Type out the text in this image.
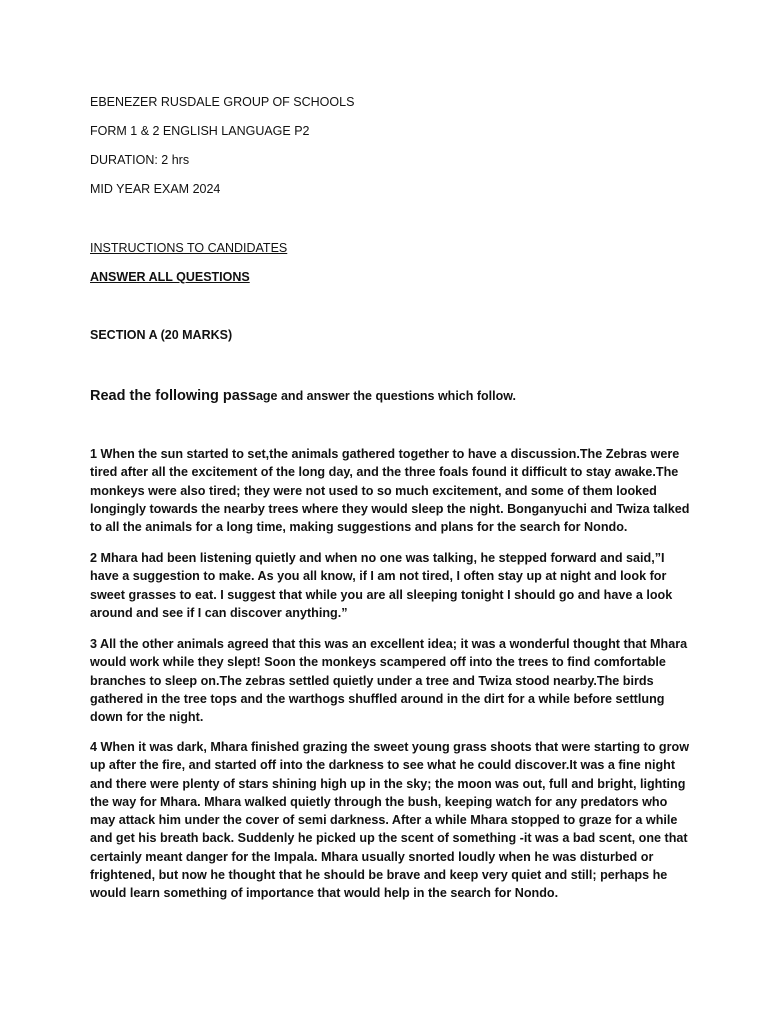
EBENEZER RUSDALE GROUP OF SCHOOLS
FORM 1 & 2 ENGLISH LANGUAGE P2
DURATION: 2 hrs
MID YEAR EXAM 2024
INSTRUCTIONS TO CANDIDATES
ANSWER ALL QUESTIONS
SECTION A (20 MARKS)
Read the following passage and answer the questions which follow.

1 When the sun started to set,the animals gathered together to have a discussion.The Zebras were tired after all the excitement of the long day, and the three foals found it difficult to stay awake.The monkeys were also tired; they were not used to so much excitement, and some of them looked longingly towards the nearby trees where they would sleep the night. Bonganyuchi and Twiza talked to all the animals for a long time, making suggestions and plans for the search for Nondo.

2 Mhara had been listening quietly and when no one was talking, he stepped forward and said,”I have a suggestion to make. As you all know, if I am not tired, I often stay up at night and look for sweet grasses to eat. I suggest that while you are all sleeping tonight I should go and have a look around and see if I can discover anything.”

3 All the other animals agreed that this was an excellent idea; it was a wonderful thought that Mhara would work while they slept! Soon the monkeys scampered off into the trees to find comfortable branches to sleep on.The zebras settled quietly under a tree and Twiza stood nearby.The birds gathered in the tree tops and the warthogs shuffled around in the dirt for a while before settlung down for the night.

4 When it was dark, Mhara finished grazing the sweet young grass shoots that were starting to grow up after the fire, and started off into the darkness to see what he could discover.It was a fine night and there were plenty of stars shining high up in the sky; the moon was out, full and bright, lighting the way for Mhara. Mhara walked quietly through the bush, keeping watch for any predators who may attack him under the cover of semi darkness. After a while Mhara stopped to graze for a while and get his breath back. Suddenly he picked up the scent of something -it was a bad scent, one that certainly meant danger for the Impala. Mhara usually snorted loudly when he was disturbed or frightened, but now he thought that he should be brave and keep very quiet and still; perhaps he would learn something of importance that would help in the search for Nondo.
